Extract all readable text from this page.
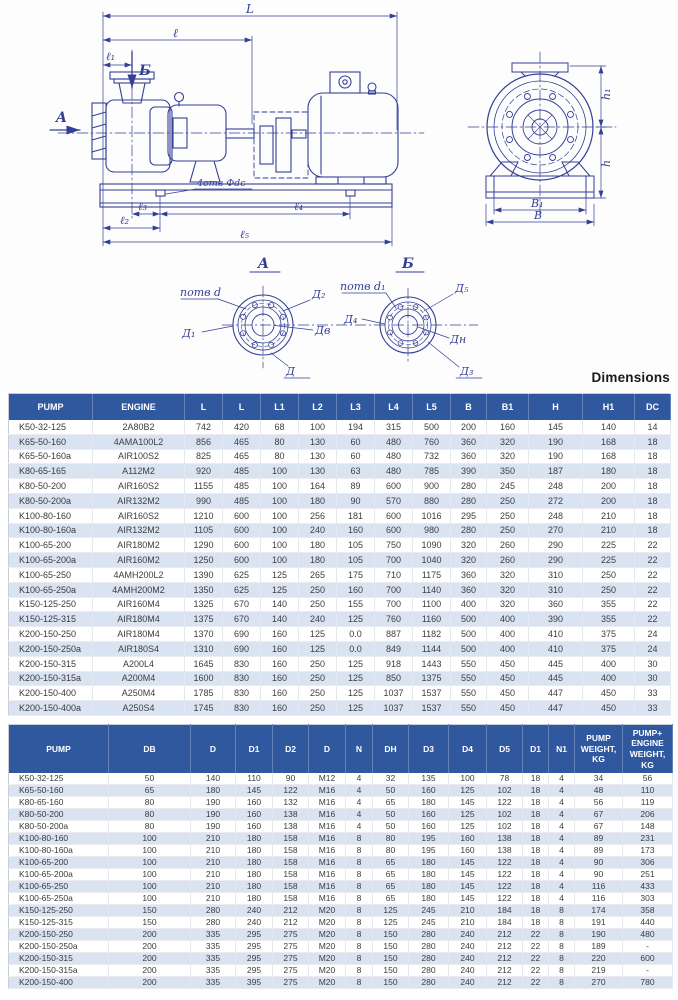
L
ℓ
ℓ₁
Б
A
4отв Φdc
ℓ₃	ℓ₄
ℓ₂
ℓ₅
h₁
h
B₁
B
A
nотв d	Д₂
Д₁	Дв
Д
Б
nотв d₁	Д₅
Д₄
Дн
Д₃	Dimensions
PUMP	ENGINE	L	L	L1	L2	L3	L4	L5	B	B1	H	H1	DC
K50-32-125	2A80B2	742	420	68	100	194	315	500	200	160	145	140	14
K65-50-160	4AMA100L2	856	465	80	130	60	480	760	360	320	190	168	18
K65-50-160a	AIR100S2	825	465	80	130	60	480	732	360	320	190	168	18
K80-65-165	A112M2	920	485	100	130	63	480	785	390	350	187	180	18
K80-50-200	AIR160S2	1155	485	100	164	89	600	900	280	245	248	200	18
K80-50-200a	AIR132M2	990	485	100	180	90	570	880	280	250	272	200	18
K100-80-160	AIR160S2	1210	600	100	256	181	600	1016	295	250	248	210	18
K100-80-160a	AIR132M2	1105	600	100	240	160	600	980	280	250	270	210	18
K100-65-200	AIR180M2	1290	600	100	180	105	750	1090	320	260	290	225	22
K100-65-200a	AIR160M2	1250	600	100	180	105	700	1040	320	260	290	225	22
K100-65-250	4AMH200L2	1390	625	125	265	175	710	1175	360	320	310	250	22
K100-65-250a	4AMH200M2	1350	625	125	250	160	700	1140	360	320	310	250	22
K150-125-250	AIR160M4	1325	670	140	250	155	700	1100	400	320	360	355	22
K150-125-315	AIR180M4	1375	670	140	240	125	760	1160	500	400	390	355	22
K200-150-250	AIR180M4	1370	690	160	125	0.0	887	1182	500	400	410	375	24
K200-150-250a	AIR180S4	1310	690	160	125	0.0	849	1144	500	400	410	375	24
K200-150-315	A200L4	1645	830	160	250	125	918	1443	550	450	445	400	30
K200-150-315a	A200M4	1600	830	160	250	125	850	1375	550	450	445	400	30
K200-150-400	A250M4	1785	830	160	250	125	1037	1537	550	450	447	450	33
K200-150-400a	A250S4	1745	830	160	250	125	1037	1537	550	450	447	450	33
PUMP	DB	D	D1	D2	D	N	DH	D3	D4	D5	D1	N1	PUMP WEIGHT, KG	PUMP+ ENGINE WEIGHT, KG
K50-32-125	50	140	110	90	M12	4	32	135	100	78	18	4	34	56
K65-50-160	65	180	145	122	M16	4	50	160	125	102	18	4	48	110
K80-65-160	80	190	160	132	M16	4	65	180	145	122	18	4	56	119
K80-50-200	80	190	160	138	M16	4	50	160	125	102	18	4	67	206
K80-50-200a	80	190	160	138	M16	4	50	160	125	102	18	4	67	148
K100-80-160	100	210	180	158	M16	8	80	195	160	138	18	4	89	231
K100-80-160a	100	210	180	158	M16	8	80	195	160	138	18	4	89	173
K100-65-200	100	210	180	158	M16	8	65	180	145	122	18	4	90	306
K100-65-200a	100	210	180	158	M16	8	65	180	145	122	18	4	90	251
K100-65-250	100	210	180	158	M16	8	65	180	145	122	18	4	116	433
K100-65-250a	100	210	180	158	M16	8	65	180	145	122	18	4	116	303
K150-125-250	150	280	240	212	M20	8	125	245	210	184	18	8	174	358
K150-125-315	150	280	240	212	M20	8	125	245	210	184	18	8	191	440
K200-150-250	200	335	295	275	M20	8	150	280	240	212	22	8	190	480
K200-150-250a	200	335	295	275	M20	8	150	280	240	212	22	8	189	-
K200-150-315	200	335	295	275	M20	8	150	280	240	212	22	8	220	600
K200-150-315a	200	335	295	275	M20	8	150	280	240	212	22	8	219	-
K200-150-400	200	335	395	275	M20	8	150	280	240	212	22	8	270	780
